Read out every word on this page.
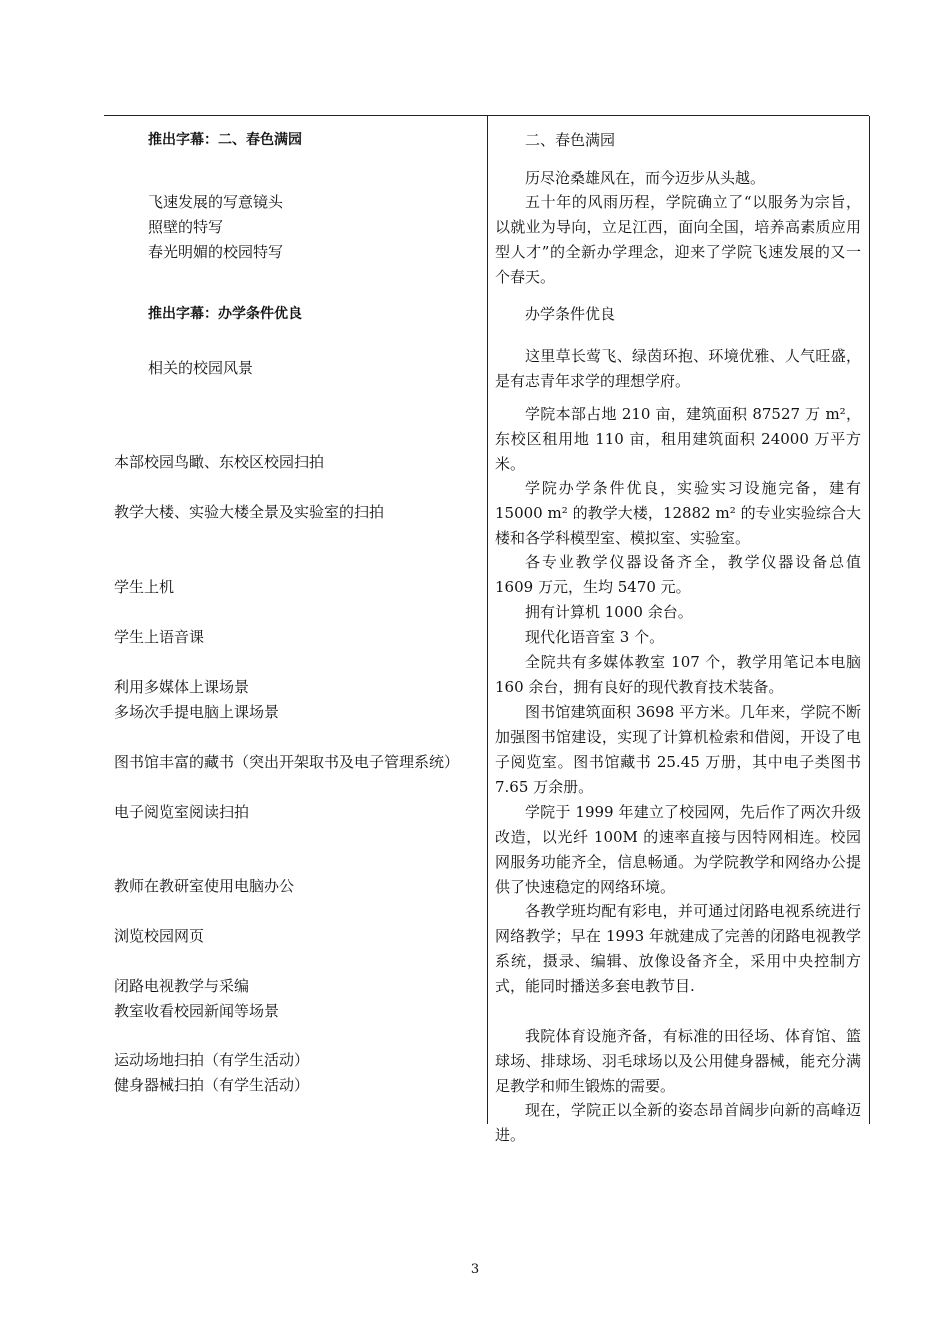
推出字幕：二、春色满园
飞速发展的写意镜头
照壁的特写
春光明媚的校园特写
推出字幕：办学条件优良
相关的校园风景
本部校园鸟瞰、东校区校园扫拍
教学大楼、实验大楼全景及实验室的扫拍
学生上机
学生上语音课
利用多媒体上课场景
多场次手提电脑上课场景
图书馆丰富的藏书（突出开架取书及电子管理系统）
电子阅览室阅读扫拍
教师在教研室使用电脑办公
浏览校园网页
闭路电视教学与采编
教室收看校园新闻等场景
运动场地扫拍（有学生活动）
健身器械扫拍（有学生活动）
二、春色满园
历尽沧桑雄风在，而今迈步从头越。
五十年的风雨历程，学院确立了“以服务为宗旨，以就业为导向，立足江西，面向全国，培养高素质应用型人才”的全新办学理念，迎来了学院飞速发展的又一个春天。
办学条件优良
这里草长莺飞、绿茵环抱、环境优雅、人气旺盛，是有志青年求学的理想学府。
学院本部占地 210 亩，建筑面积 87527 万 m²，东校区租用地 110 亩，租用建筑面积 24000 万平方米。
学院办学条件优良，实验实习设施完备，建有 15000 m² 的教学大楼，12882 m² 的专业实验综合大楼和各学科模型室、模拟室、实验室。
各专业教学仪器设备齐全，教学仪器设备总值 1609 万元，生均 5470 元。
拥有计算机 1000 余台。
现代化语音室 3 个。
全院共有多媒体教室 107 个，教学用笔记本电脑 160 余台，拥有良好的现代教育技术装备。
图书馆建筑面积 3698 平方米。几年来，学院不断加强图书馆建设，实现了计算机检索和借阅，开设了电子阅览室。图书馆藏书 25.45 万册，其中电子类图书 7.65 万余册。
学院于 1999 年建立了校园网，先后作了两次升级改造，以光纤 100M 的速率直接与因特网相连。校园网服务功能齐全，信息畅通。为学院教学和网络办公提供了快速稳定的网络环境。
各教学班均配有彩电，并可通过闭路电视系统进行网络教学；早在 1993 年就建成了完善的闭路电视教学系统，摄录、编辑、放像设备齐全，采用中央控制方式，能同时播送多套电教节目.
我院体育设施齐备，有标准的田径场、体育馆、篮球场、排球场、羽毛球场以及公用健身器械，能充分满足教学和师生锻炼的需要。
现在，学院正以全新的姿态昂首阔步向新的高峰迈进。
3
